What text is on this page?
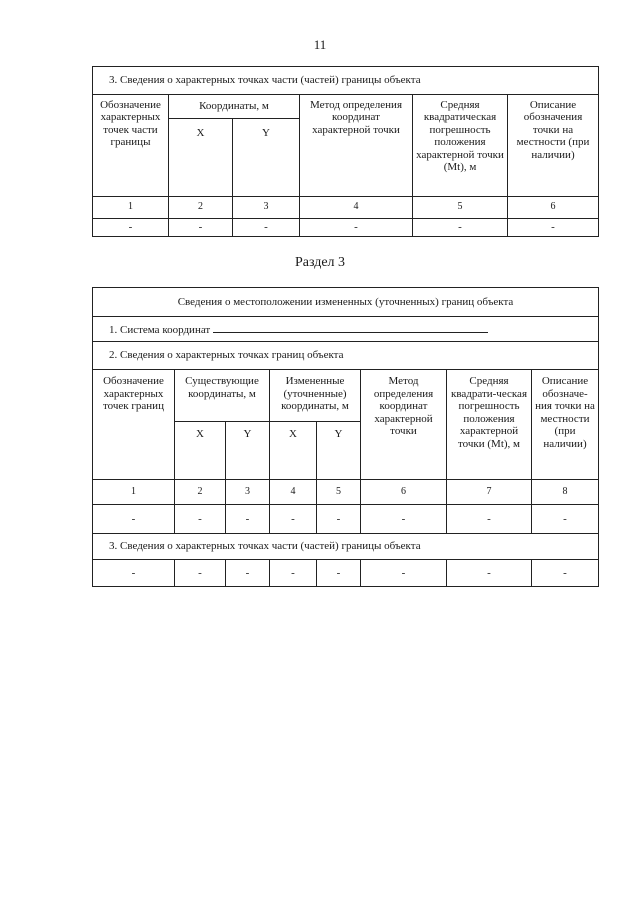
11
3. Сведения о характерных точках части (частей) границы объекта					
Обозначение характерных точек части границы	Координаты, м		Метод определения координат характерной точки	Средняя квадратическая погрешность положения характерной точки (Mt), м	Описание обозначения точки на местности (при наличии)
	X	Y			
1	2	3	4	5	6
-	-	-	-	-	-
Раздел 3
Сведения о местоположении измененных (уточненных) границ объекта							
1. Система координат							
2. Сведения о характерных точках границ объекта							
Обозначение характерных точек границ	Существующие координаты, м		Измененные (уточненные) координаты, м		Метод определения координат характерной точки	Средняя квадрати-ческая погрешность положения характерной точки (Mt), м	Описание обозначе-ния точки на местности (при наличии)
	X	Y	X	Y			
1	2	3	4	5	6	7	8
-	-	-	-	-	-	-	-
3. Сведения о характерных точках части (частей) границы объекта							
-	-	-	-	-	-	-	-
